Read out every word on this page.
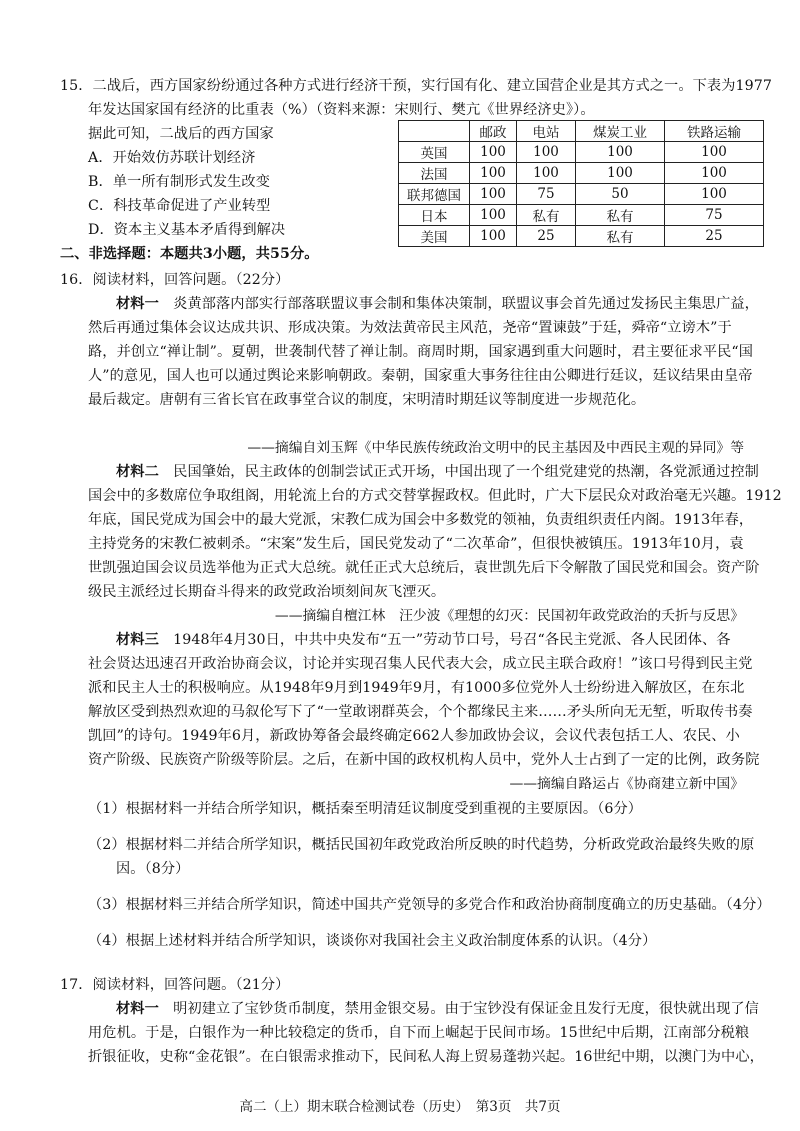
15．二战后，西方国家纷纷通过各种方式进行经济干预，实行国有化、建立国营企业是其方式之一。下表为1977
年发达国家国有经济的比重表（%）（资料来源：宋则行、樊亢《世界经济史》）。
据此可知，二战后的西方国家
A．开始效仿苏联计划经济
B．单一所有制形式发生改变
C．科技革命促进了产业转型
D．资本主义基本矛盾得到解决
	邮政	电站	煤炭工业	铁路运输
英国	100	100	100	100
法国	100	100	100	100
联邦德国	100	75	50	100
日本	100	私有	私有	75
美国	100	25	私有	25
二、非选择题：本题共3小题，共55分。
16．阅读材料，回答问题。（22分）
材料一　炎黄部落内部实行部落联盟议事会制和集体决策制，联盟议事会首先通过发扬民主集思广益，
然后再通过集体会议达成共识、形成决策。为效法黄帝民主风范，尧帝“置谏鼓”于廷，舜帝“立谤木”于
路，并创立“禅让制”。夏朝，世袭制代替了禅让制。商周时期，国家遇到重大问题时，君主要征求平民“国
人”的意见，国人也可以通过舆论来影响朝政。秦朝，国家重大事务往往由公卿进行廷议，廷议结果由皇帝
最后裁定。唐朝有三省长官在政事堂合议的制度，宋明清时期廷议等制度进一步规范化。
——摘编自刘玉辉《中华民族传统政治文明中的民主基因及中西民主观的异同》等
材料二　民国肇始，民主政体的创制尝试正式开场，中国出现了一个组党建党的热潮，各党派通过控制
国会中的多数席位争取组阁，用轮流上台的方式交替掌握政权。但此时，广大下层民众对政治毫无兴趣。1912
年底，国民党成为国会中的最大党派，宋教仁成为国会中多数党的领袖，负责组织责任内阁。1913年春，
主持党务的宋教仁被刺杀。“宋案”发生后，国民党发动了“二次革命”，但很快被镇压。1913年10月，袁
世凯强迫国会议员选举他为正式大总统。就任正式大总统后，袁世凯先后下令解散了国民党和国会。资产阶
级民主派经过长期奋斗得来的政党政治顷刻间灰飞湮灭。
——摘编自檀江林　汪少波《理想的幻灭：民国初年政党政治的夭折与反思》
材料三　1948年4月30日，中共中央发布“五一”劳动节口号，号召“各民主党派、各人民团体、各
社会贤达迅速召开政治协商会议，讨论并实现召集人民代表大会，成立民主联合政府！”该口号得到民主党
派和民主人士的积极响应。从1948年9月到1949年9月，有1000多位党外人士纷纷进入解放区，在东北
解放区受到热烈欢迎的马叙伦写下了“一堂敢诩群英会，个个都缘民主来……矛头所向无无堑，听取传书奏
凯回”的诗句。1949年6月，新政协筹备会最终确定662人参加政协会议，会议代表包括工人、农民、小
资产阶级、民族资产阶级等阶层。之后，在新中国的政权机构人员中，党外人士占到了一定的比例，政务院
——摘编自路运占《协商建立新中国》
（1）根据材料一并结合所学知识，概括秦至明清廷议制度受到重视的主要原因。（6分）
（2）根据材料二并结合所学知识，概括民国初年政党政治所反映的时代趋势，分析政党政治最终失败的原
因。（8分）
（3）根据材料三并结合所学知识，简述中国共产党领导的多党合作和政治协商制度确立的历史基础。（4分）
（4）根据上述材料并结合所学知识，谈谈你对我国社会主义政治制度体系的认识。（4分）
17．阅读材料，回答问题。（21分）
材料一　明初建立了宝钞货币制度，禁用金银交易。由于宝钞没有保证金且发行无度，很快就出现了信
用危机。于是，白银作为一种比较稳定的货币，自下而上崛起于民间市场。15世纪中后期，江南部分税粮
折银征收，史称“金花银”。在白银需求推动下，民间私人海上贸易蓬勃兴起。16世纪中期，以澳门为中心，
高二（上）期末联合检测试卷（历史）　第3页　共7页
